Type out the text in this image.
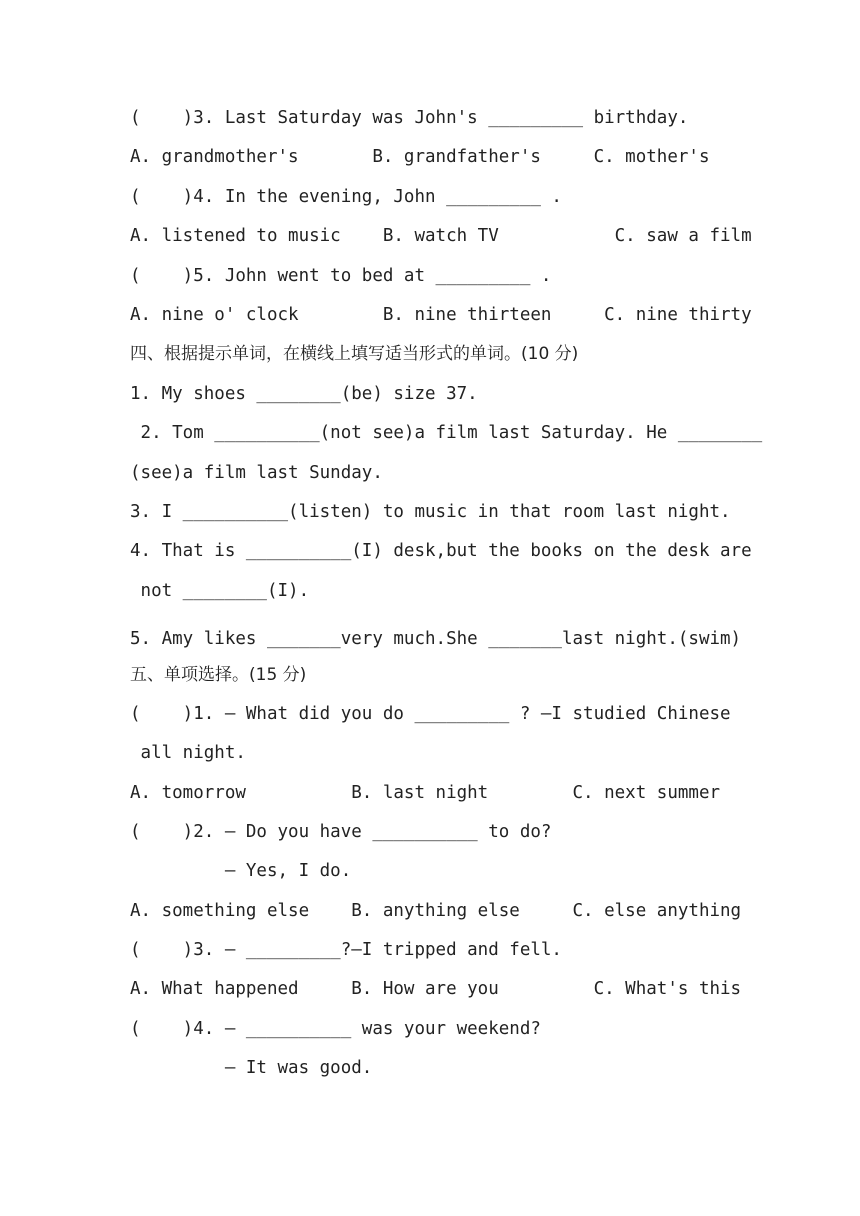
(    )3. Last Saturday was John's _________ birthday.
A. grandmother's       B. grandfather's     C. mother's
(    )4. In the evening, John _________ .
A. listened to music    B. watch TV           C. saw a film
(    )5. John went to bed at _________ .
A. nine o' clock        B. nine thirteen     C. nine thirty
四、根据提示单词，在横线上填写适当形式的单词。(10 分)
1. My shoes ________(be) size 37.
2. Tom __________(not see)a film last Saturday. He ________
(see)a film last Sunday.
3. I __________(listen) to music in that room last night.
4. That is __________(I) desk,but the books on the desk are
not ________(I).
5. Amy likes _______very much.She _______last night.(swim)
五、单项选择。(15 分)
(    )1. — What did you do _________ ? —I studied Chinese
all night.
A. tomorrow          B. last night        C. next summer
(    )2. — Do you have __________ to do?
— Yes, I do.
A. something else    B. anything else     C. else anything
(    )3. — _________?—I tripped and fell.
A. What happened     B. How are you         C. What's this
(    )4. — __________ was your weekend?
— It was good.
